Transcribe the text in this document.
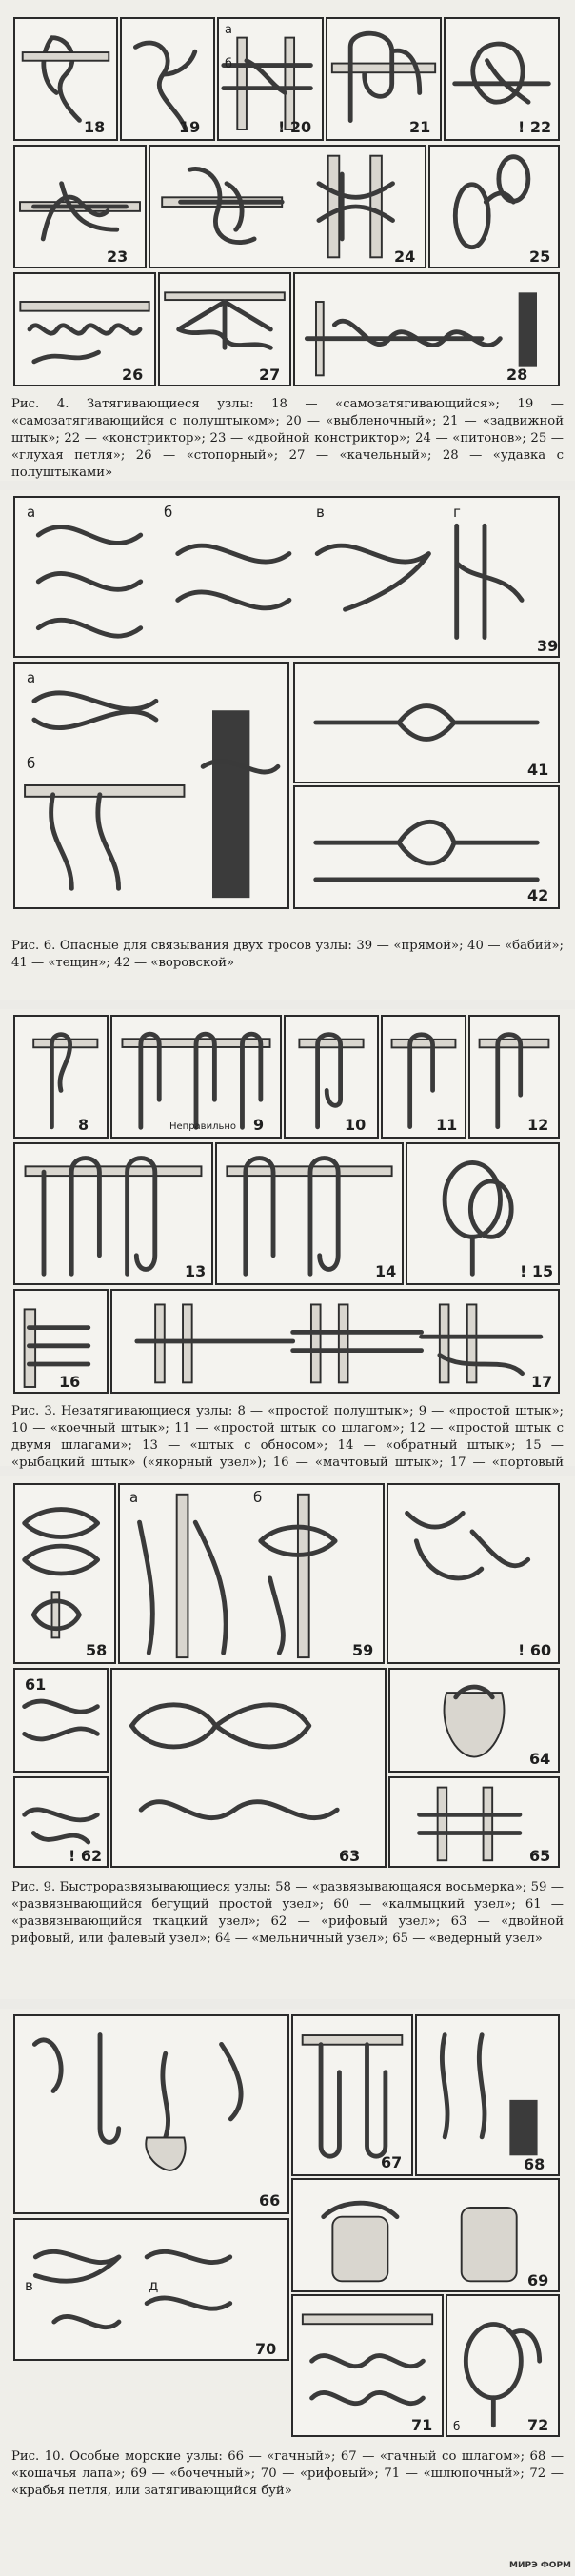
18	19
а
б
! 20	21	! 22
23	24	25
26	27	28
Рис. 4. Затягивающиеся узлы: 18 — «самозатягивающийся»; 19 — «самозатягивающийся с полуштыком»; 20 — «выбленочный»; 21 — «задвижной штык»; 22 — «констриктор»; 23 — «двойной констриктор»; 24 — «питонов»; 25 — «глухая петля»; 26 — «стопорный»; 27 — «качельный»; 28 — «удавка с полуштыками»
а	б	в	г
39
а
б	41
42
Рис. 6. Опасные для связывания двух тросов узлы: 39 — «прямой»; 40 — «бабий»; 41 — «тещин»; 42 — «воровской»
8	Неправильно 9	10	11	12
13	14	! 15
16	17
Рис. 3. Незатягивающиеся узлы: 8 — «простой полуштык»; 9 — «простой штык»; 10 — «коечный штык»; 11 — «простой штык со шлагом»; 12 — «простой штык с двумя шлагами»; 13 — «штык с обносом»; 14 — «обратный штык»; 15 — «рыбацкий штык» («якорный узел»); 16 — «мачтовый штык»; 17 — «портовый
58
а	б
59	! 60
61
63
64
! 62	65
Рис. 9. Быстроразвязывающиеся узлы: 58 — «развязывающаяся восьмерка»; 59 — «развязывающийся бегущий простой узел»; 60 — «калмыцкий узел»; 61 — «развязывающийся ткацкий узел»; 62 — «рифовый узел»; 63 — «двойной рифовый, или фалевый узел»; 64 — «мельничный узел»; 65 — «ведерный узел»
66
67	68
69
д
в
70
71 б	72
Рис. 10. Особые морские узлы: 66 — «гачный»; 67 — «гачный со шлагом»; 68 — «кошачья лапа»; 69 — «бочечный»; 70 — «рифовый»; 71 — «шлюпочный»; 72 — «крабья петля, или затягивающийся буй»
МИРЭ ФОРМ
